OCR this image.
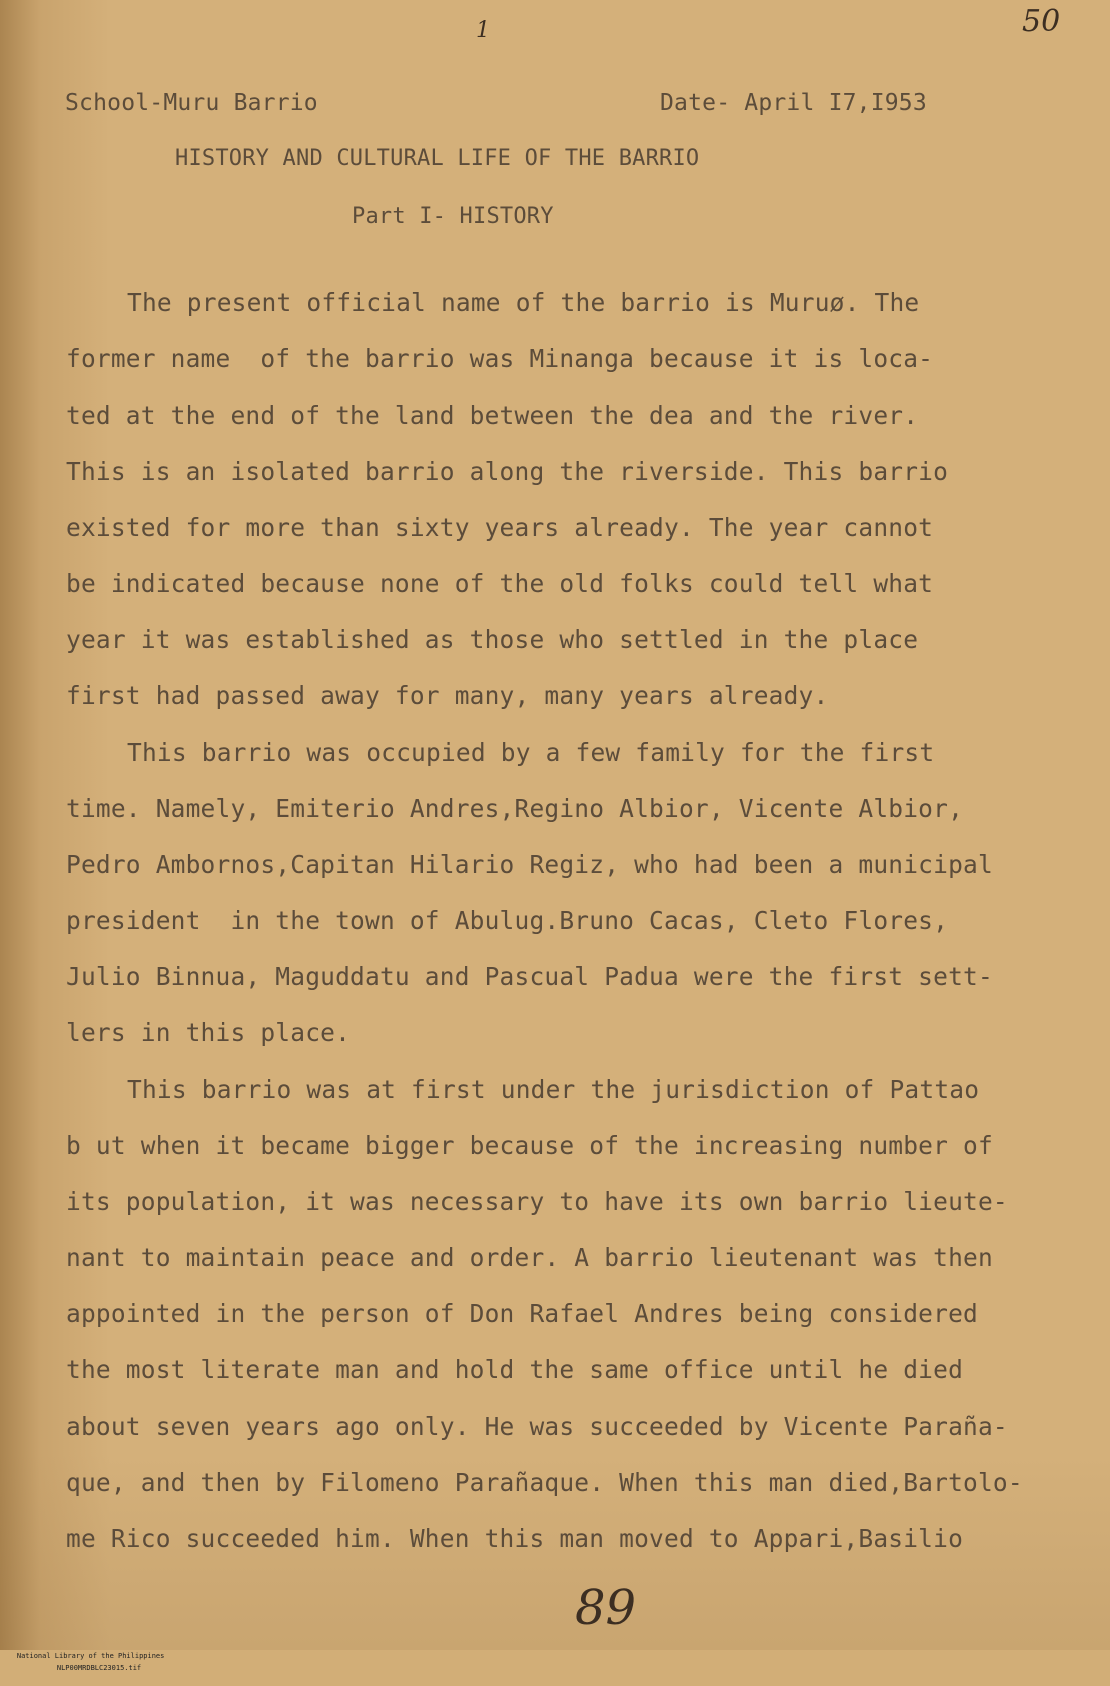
50
1
School-Muru Barrio	Date- April I7,I953
HISTORY AND CULTURAL LIFE OF THE BARRIO
Part I- HISTORY
The present official name of the barrio is Muruø. The
former name  of the barrio was Minanga because it is loca-
ted at the end of the land between the dea and the river.
This is an isolated barrio along the riverside. This barrio
existed for more than sixty years already. The year cannot
be indicated because none of the old folks could tell what
year it was established as those who settled in the place
first had passed away for many, many years already.
This barrio was occupied by a few family for the first
time. Namely, Emiterio Andres,Regino Albior, Vicente Albior,
Pedro Ambornos,Capitan Hilario Regiz, who had been a municipal
president  in the town of Abulug.Bruno Cacas, Cleto Flores,
Julio Binnua, Maguddatu and Pascual Padua were the first sett-
lers in this place.
This barrio was at first under the jurisdiction of Pattao
b ut when it became bigger because of the increasing number of
its population, it was necessary to have its own barrio lieute-
nant to maintain peace and order. A barrio lieutenant was then
appointed in the person of Don Rafael Andres being considered
the most literate man and hold the same office until he died
about seven years ago only. He was succeeded by Vicente Paraña-
que, and then by Filomeno Parañaque. When this man died,Bartolo-
me Rico succeeded him. When this man moved to Appari,Basilio
89

National Library of the Philippines
NLP00MRDBLC23015.tif
